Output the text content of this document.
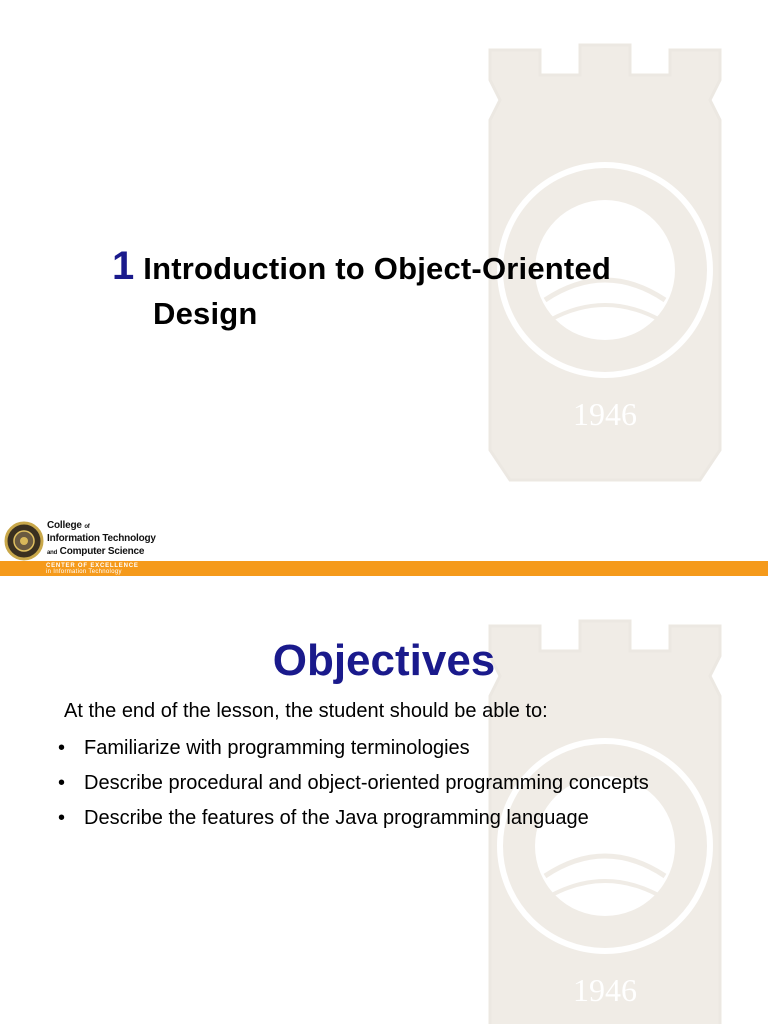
1946
1 Introduction to Object-Oriented
Design
College of
Information Technology
and Computer Science
CENTER OF EXCELLENCE
in Information Technology
1946
Objectives
At the end of the lesson, the student should be able to:
• Familiarize with programming terminologies
• Describe procedural and object-oriented programming concepts
• Describe the features of the Java programming language
